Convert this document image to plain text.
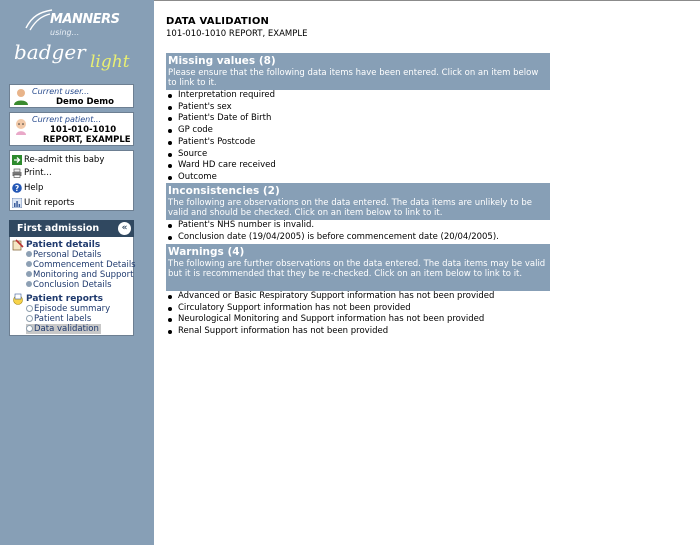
MANNERS
using...
badger light
Current user...
Demo Demo
Current patient...
101-010-1010
REPORT, EXAMPLE
Re-admit this baby
Print...
? Help
Unit reports
First admission	«
Patient details
Personal Details
Commencement Details
Monitoring and Support
Conclusion Details
Patient reports
Episode summary
Patient labels
Data validation
DATA VALIDATION
101-010-1010 REPORT, EXAMPLE
Missing values (8)
Please ensure that the following data items have been entered. Click on an item below to link to it.
Interpretation required
Patient's sex
Patient's Date of Birth
GP code
Patient's Postcode
Source
Ward HD care received
Outcome
Inconsistencies (2)
The following are observations on the data entered. The data items are unlikely to be valid and should be checked. Click on an item below to link to it.
Patient's NHS number is invalid.
Conclusion date (19/04/2005) is before commencement date (20/04/2005).
Warnings (4)
The following are further observations on the data entered. The data items may be valid but it is recommended that they be re-checked. Click on an item below to link to it.
Advanced or Basic Respiratory Support information has not been provided
Circulatory Support information has not been provided
Neurological Monitoring and Support information has not been provided
Renal Support information has not been provided
